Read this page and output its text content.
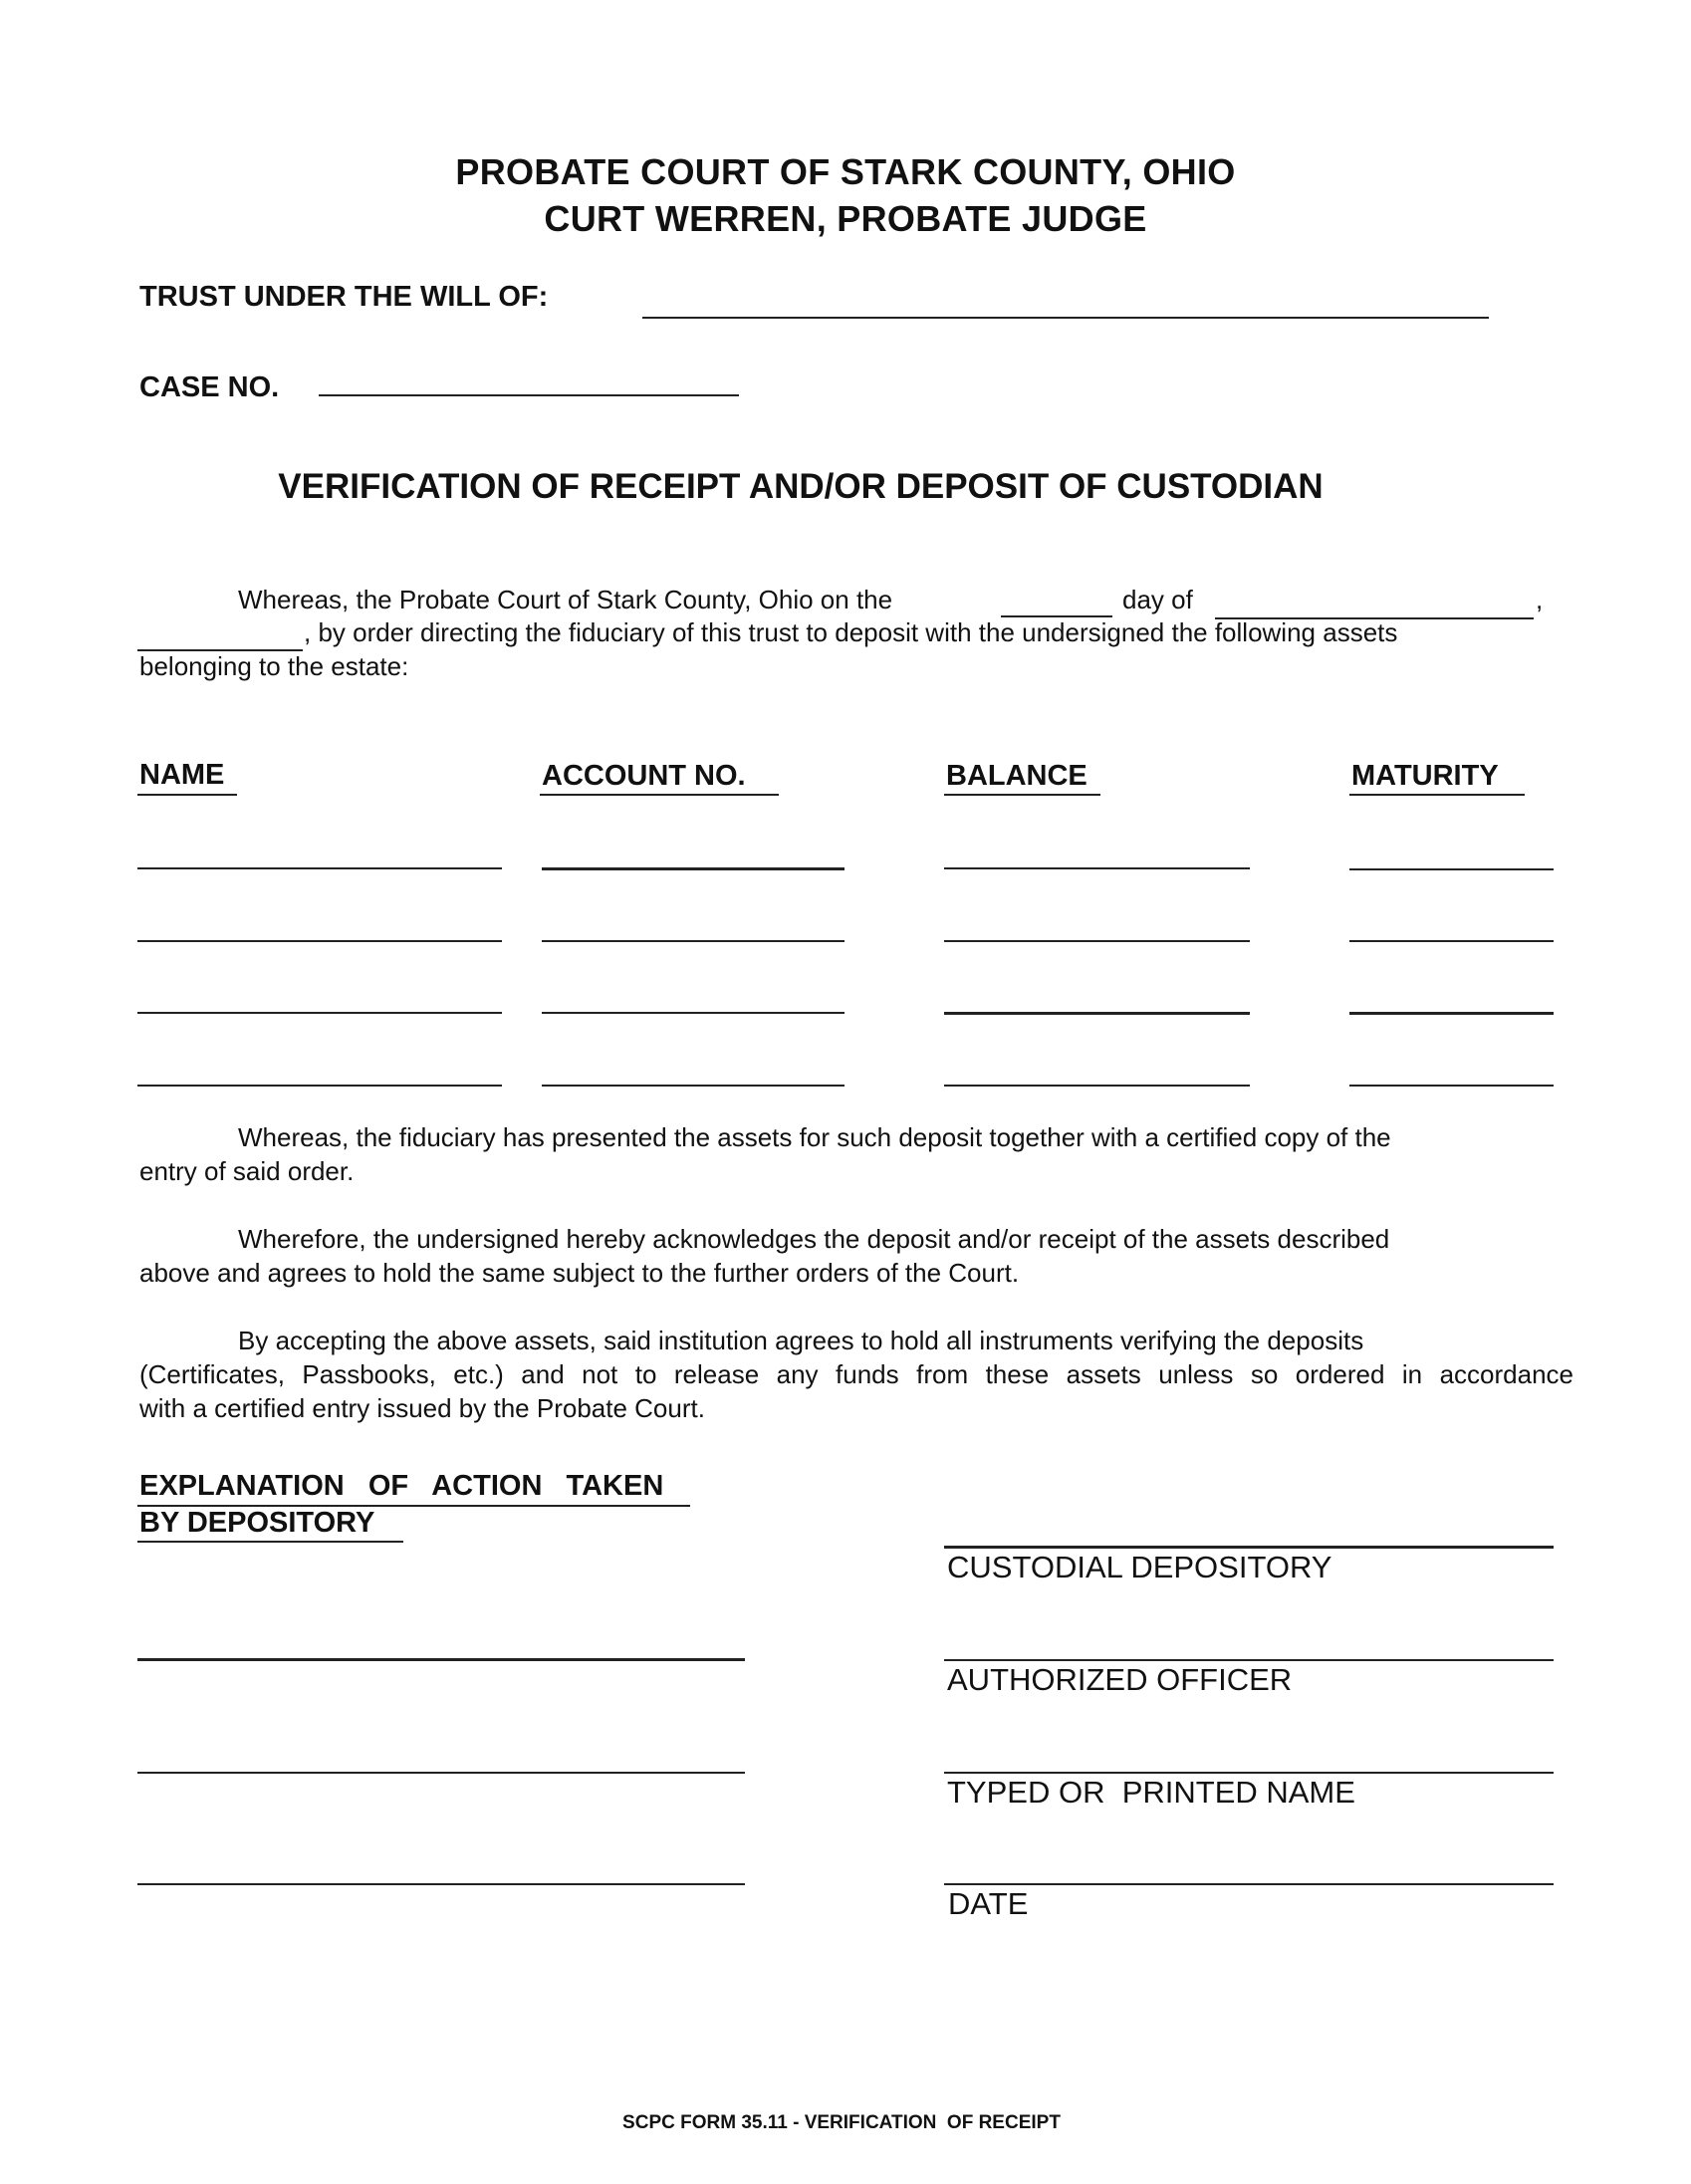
PROBATE COURT OF STARK COUNTY, OHIO
CURT WERREN, PROBATE JUDGE
TRUST UNDER THE WILL OF:
CASE NO.
VERIFICATION OF RECEIPT AND/OR DEPOSIT OF CUSTODIAN
Whereas, the Probate Court of Stark County, Ohio on the	day of	,
, by order directing the fiduciary of this trust to deposit with the undersigned the following assets
belonging to the estate:
NAME	ACCOUNT NO.	BALANCE	MATURITY
Whereas, the fiduciary has presented the assets for such deposit together with a certified copy of the
entry of said order.
Wherefore, the undersigned hereby acknowledges the deposit and/or receipt of the assets described
above and agrees to hold the same subject to the further orders of the Court.
By accepting the above assets, said institution agrees to hold all instruments verifying the deposits
(Certificates, Passbooks, etc.) and not to release any funds from these assets unless so ordered in accordance
with a certified entry issued by the Probate Court.
EXPLANATION   OF   ACTION   TAKEN
BY DEPOSITORY
CUSTODIAL DEPOSITORY
AUTHORIZED OFFICER
TYPED OR  PRINTED NAME
DATE
SCPC FORM 35.11 - VERIFICATION  OF RECEIPT
